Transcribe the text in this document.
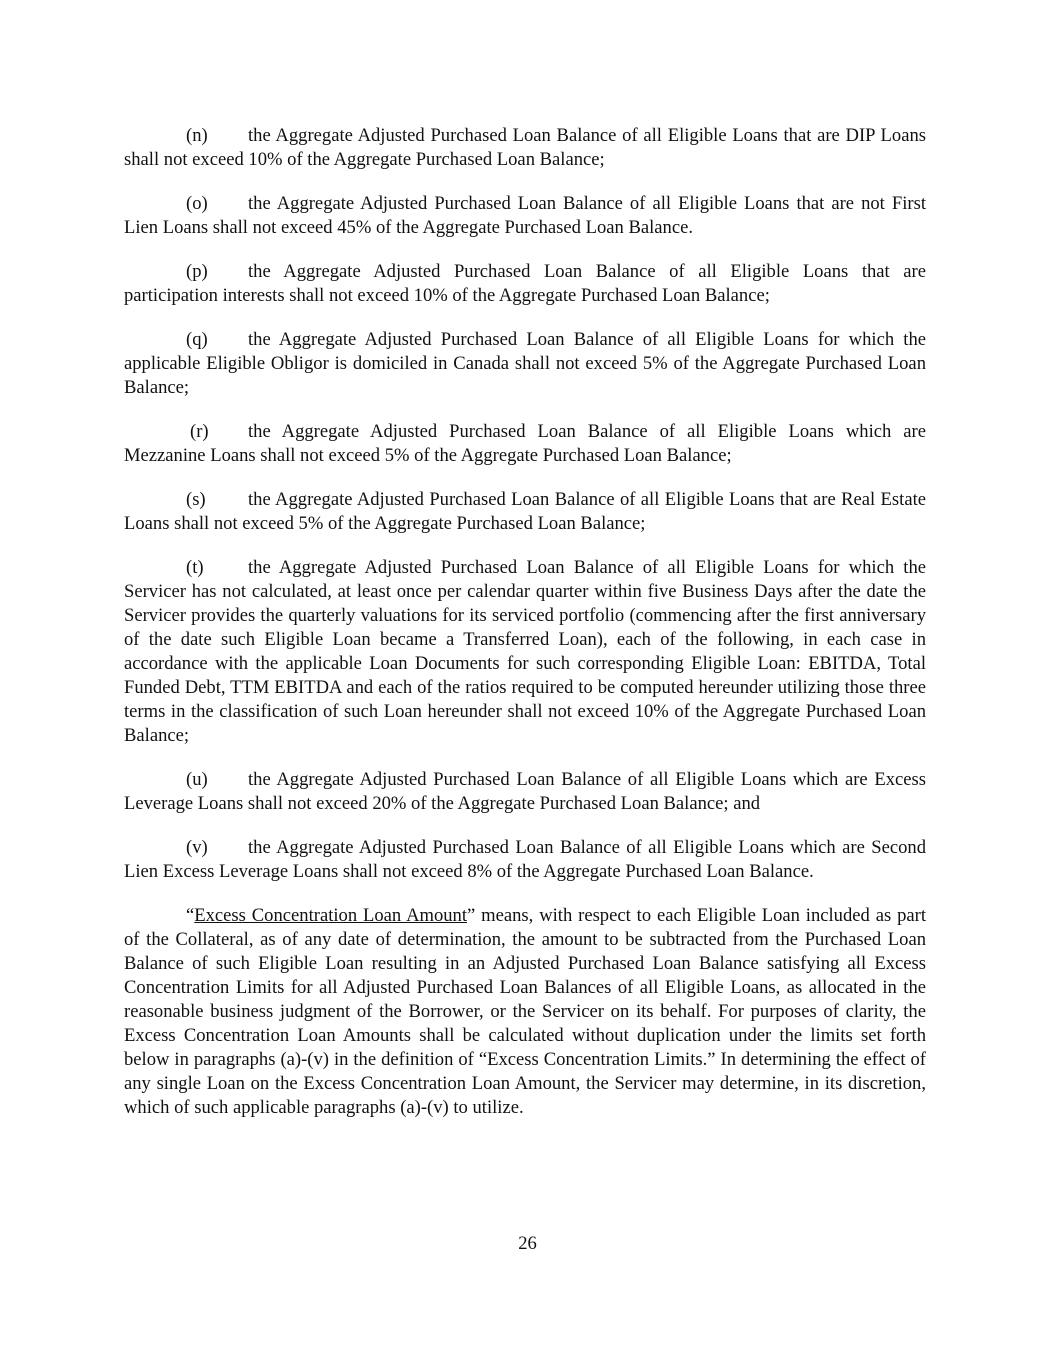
(n) the Aggregate Adjusted Purchased Loan Balance of all Eligible Loans that are DIP Loans shall not exceed 10% of the Aggregate Purchased Loan Balance;

(o) the Aggregate Adjusted Purchased Loan Balance of all Eligible Loans that are not First Lien Loans shall not exceed 45% of the Aggregate Purchased Loan Balance.

(p) the Aggregate Adjusted Purchased Loan Balance of all Eligible Loans that are participation interests shall not exceed 10% of the Aggregate Purchased Loan Balance;

(q) the Aggregate Adjusted Purchased Loan Balance of all Eligible Loans for which the applicable Eligible Obligor is domiciled in Canada shall not exceed 5% of the Aggregate Purchased Loan Balance;

(r) the Aggregate Adjusted Purchased Loan Balance of all Eligible Loans which are Mezzanine Loans shall not exceed 5% of the Aggregate Purchased Loan Balance;

(s) the Aggregate Adjusted Purchased Loan Balance of all Eligible Loans that are Real Estate Loans shall not exceed 5% of the Aggregate Purchased Loan Balance;

(t) the Aggregate Adjusted Purchased Loan Balance of all Eligible Loans for which the Servicer has not calculated, at least once per calendar quarter within five Business Days after the date the Servicer provides the quarterly valuations for its serviced portfolio (commencing after the first anniversary of the date such Eligible Loan became a Transferred Loan), each of the following, in each case in accordance with the applicable Loan Documents for such corresponding Eligible Loan: EBITDA, Total Funded Debt, TTM EBITDA and each of the ratios required to be computed hereunder utilizing those three terms in the classification of such Loan hereunder shall not exceed 10% of the Aggregate Purchased Loan Balance;

(u) the Aggregate Adjusted Purchased Loan Balance of all Eligible Loans which are Excess Leverage Loans shall not exceed 20% of the Aggregate Purchased Loan Balance; and

(v) the Aggregate Adjusted Purchased Loan Balance of all Eligible Loans which are Second Lien Excess Leverage Loans shall not exceed 8% of the Aggregate Purchased Loan Balance.

“Excess Concentration Loan Amount” means, with respect to each Eligible Loan included as part of the Collateral, as of any date of determination, the amount to be subtracted from the Purchased Loan Balance of such Eligible Loan resulting in an Adjusted Purchased Loan Balance satisfying all Excess Concentration Limits for all Adjusted Purchased Loan Balances of all Eligible Loans, as allocated in the reasonable business judgment of the Borrower, or the Servicer on its behalf. For purposes of clarity, the Excess Concentration Loan Amounts shall be calculated without duplication under the limits set forth below in paragraphs (a)-(v) in the definition of “Excess Concentration Limits.” In determining the effect of any single Loan on the Excess Concentration Loan Amount, the Servicer may determine, in its discretion, which of such applicable paragraphs (a)-(v) to utilize.

26
